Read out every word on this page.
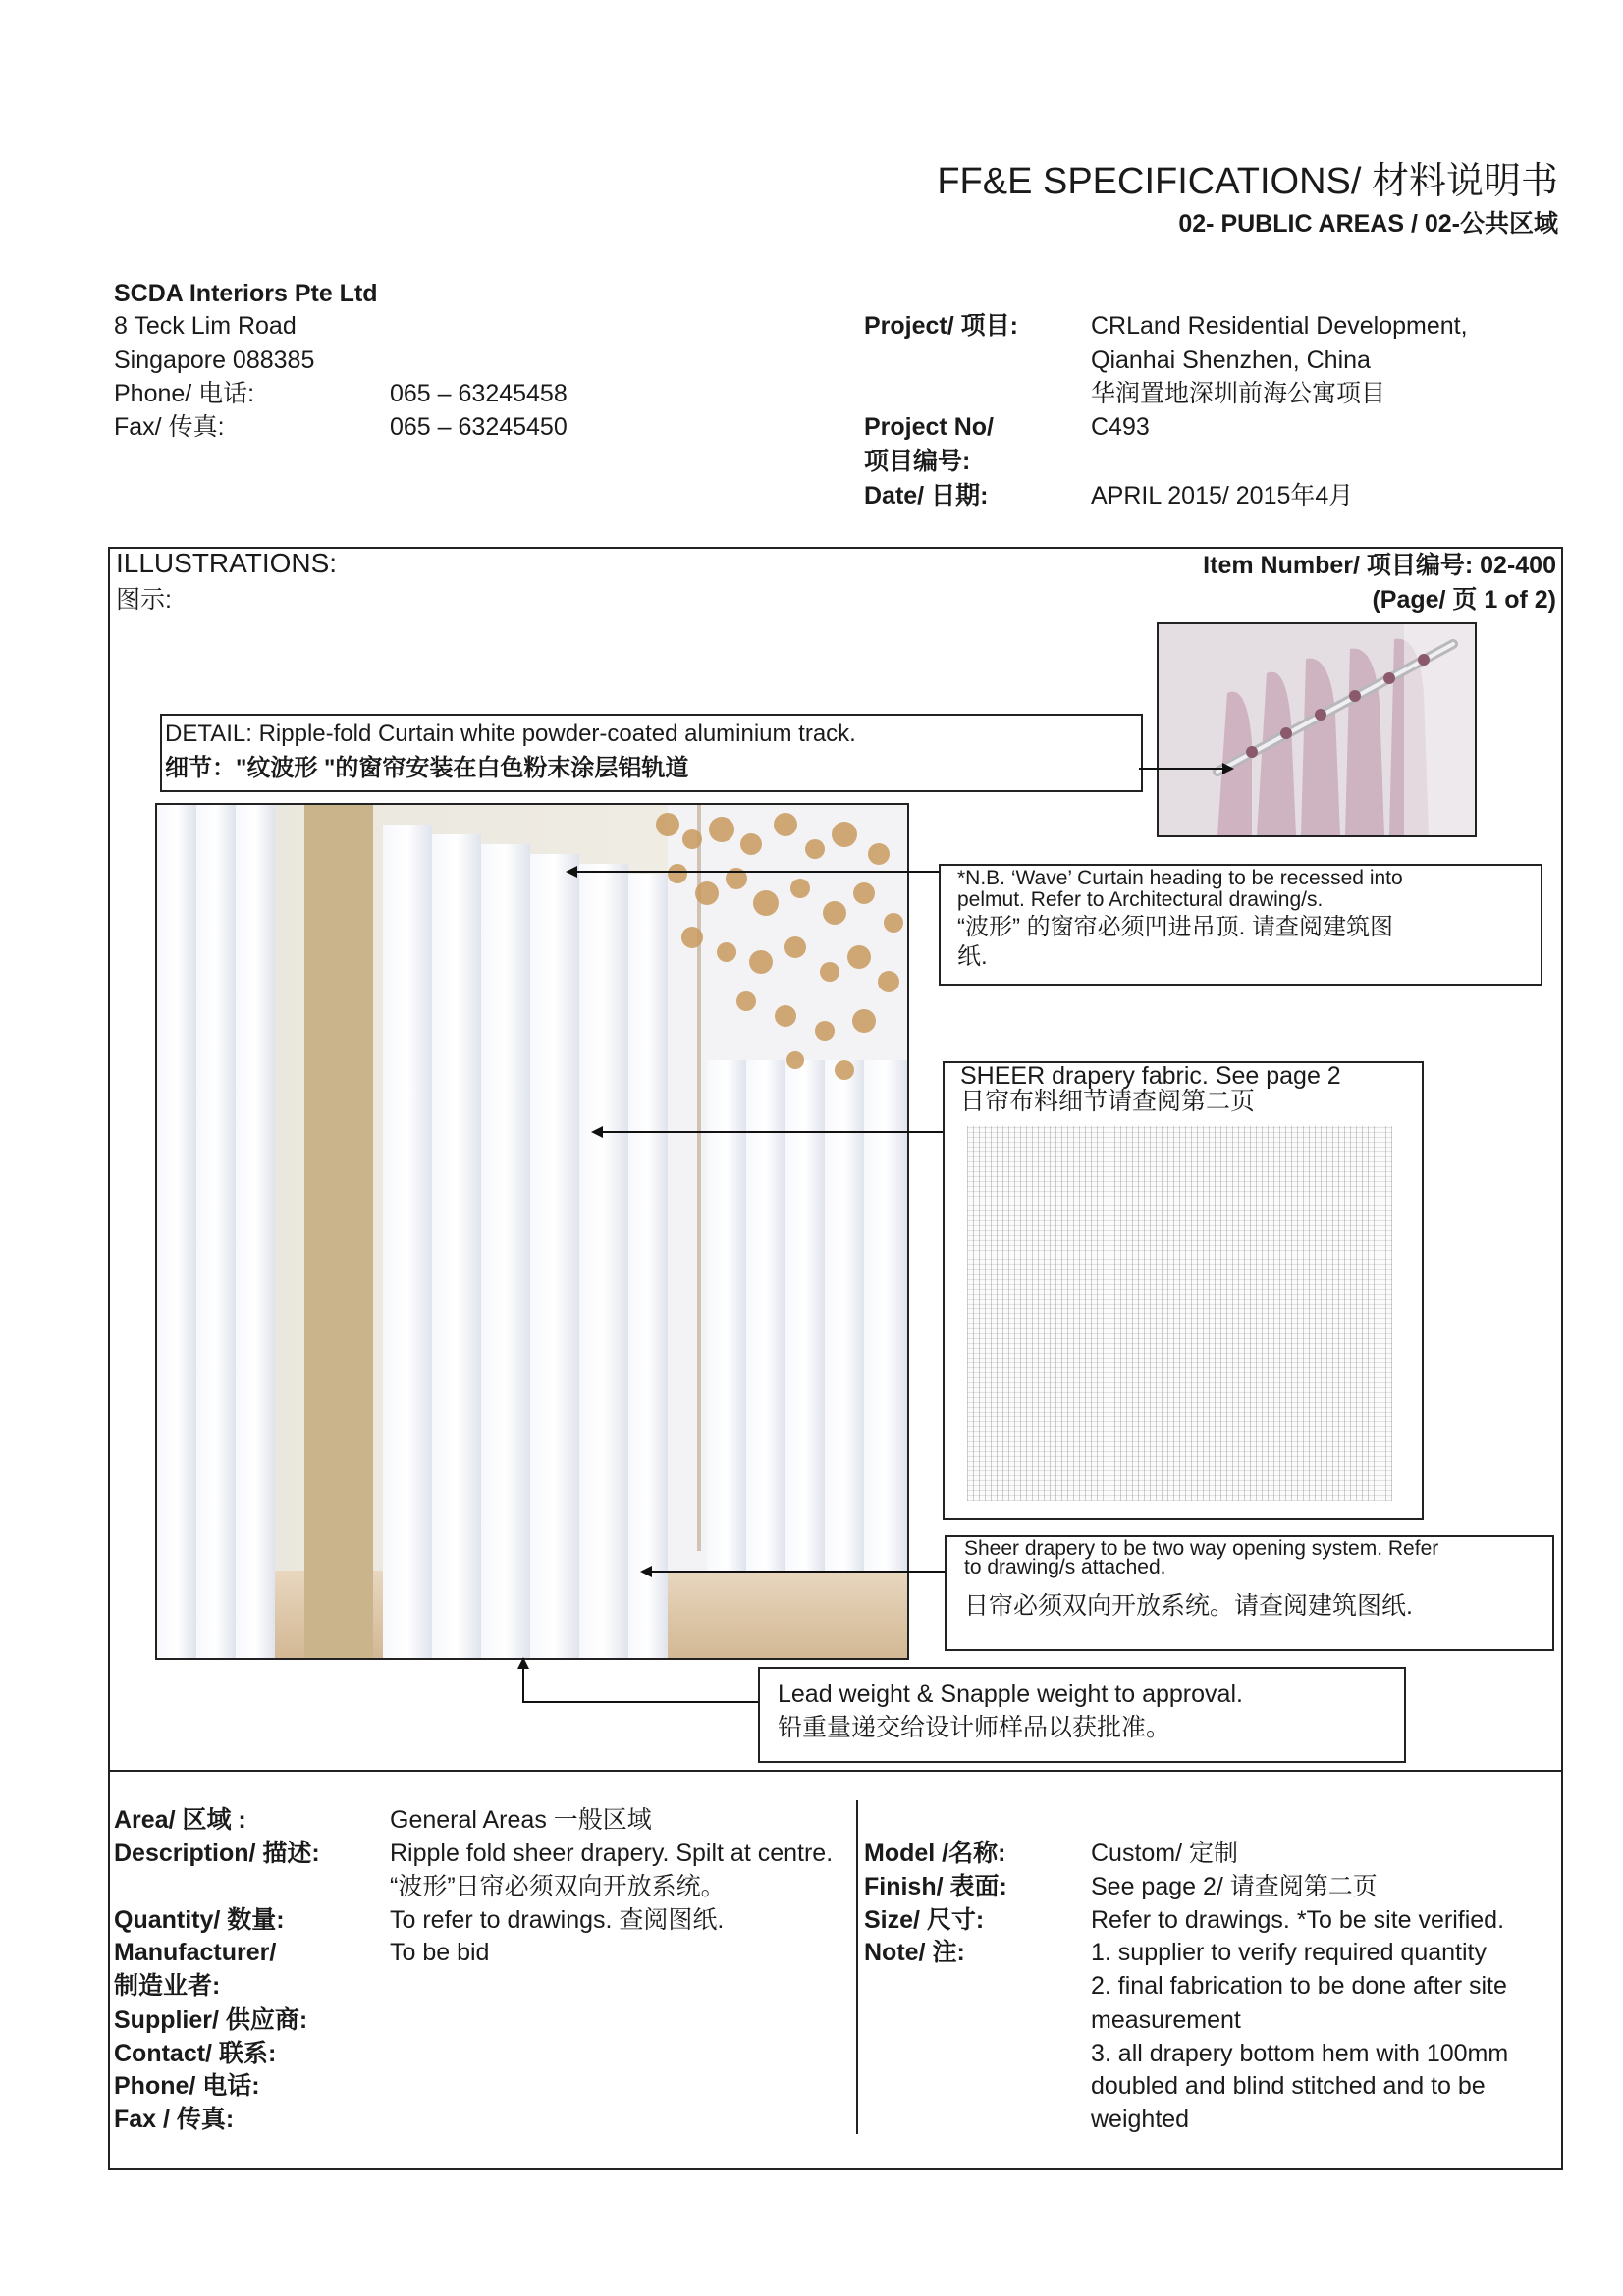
FF&E SPECIFICATIONS/ 材料说明书
02- PUBLIC AREAS / 02-公共区域
SCDA Interiors Pte Ltd
8 Teck Lim Road
Singapore 088385
Phone/ 电话:	065 – 63245458
Fax/ 传真:	065 – 63245450
Project/ 项目:	CRLand Residential Development,
Qianhai Shenzhen, China
华润置地深圳前海公寓项目
Project No/
项目编号:
C493
Date/ 日期:	APRIL 2015/ 2015年4月
ILLUSTRATIONS:
图示:
Item Number/ 项目编号: 02-400
(Page/ 页 1 of 2)
DETAIL: Ripple-fold Curtain white powder-coated aluminium track.
细节："纹波形 "的窗帘安装在白色粉末涂层铝轨道
*N.B. ‘Wave’ Curtain heading to be recessed into
pelmut. Refer to Architectural drawing/s.
“波形” 的窗帘必须凹进吊顶. 请查阅建筑图
纸.
SHEER drapery fabric. See page 2
日帘布料细节请查阅第二页
Sheer drapery to be two way opening system. Refer
to drawing/s attached.
日帘必须双向开放系统。请查阅建筑图纸.
Lead weight & Snapple weight to approval.
铅重量递交给设计师样品以获批准。
Area/ 区域 :	General Areas 一般区域
Description/ 描述:	Ripple fold sheer drapery. Spilt at centre.
“波形”日帘必须双向开放系统。
Quantity/ 数量:	To refer to drawings. 查阅图纸.
Manufacturer/
制造业者:
To be bid
Supplier/ 供应商:
Contact/ 联系:
Phone/ 电话:
Fax / 传真:
Model /名称:	Custom/ 定制
Finish/ 表面:	See page 2/ 请查阅第二页
Size/ 尺寸:	Refer to drawings. *To be site verified.
Note/ 注:	1. supplier to verify required quantity
2. final fabrication to be done after site
measurement
3. all drapery bottom hem with 100mm
doubled and blind stitched and to be
weighted
